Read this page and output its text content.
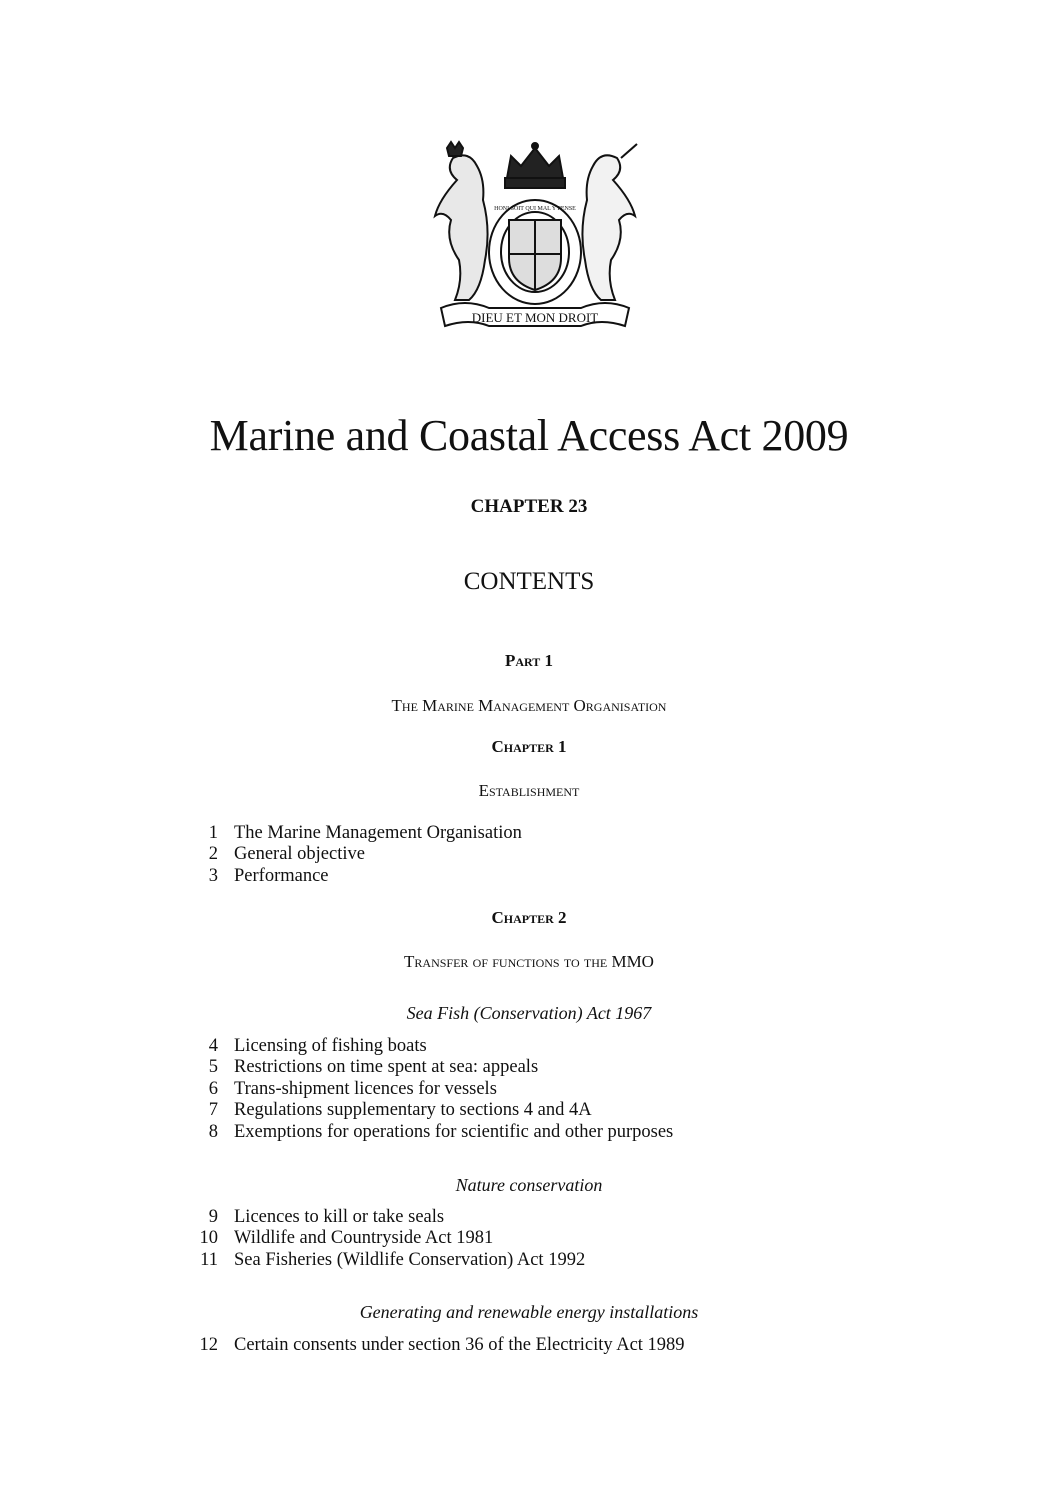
DIEU ET MON DROIT
HONI SOIT QUI MAL Y PENSE
Marine and Coastal Access Act 2009
CHAPTER 23
CONTENTS
Part 1
The Marine Management Organisation
Chapter 1
Establishment
1 The Marine Management Organisation
2 General objective
3 Performance
Chapter 2
Transfer of functions to the MMO
Sea Fish (Conservation) Act 1967
4 Licensing of fishing boats
5 Restrictions on time spent at sea: appeals
6 Trans-shipment licences for vessels
7 Regulations supplementary to sections 4 and 4A
8 Exemptions for operations for scientific and other purposes
Nature conservation
9 Licences to kill or take seals
10 Wildlife and Countryside Act 1981
11 Sea Fisheries (Wildlife Conservation) Act 1992
Generating and renewable energy installations
12 Certain consents under section 36 of the Electricity Act 1989
